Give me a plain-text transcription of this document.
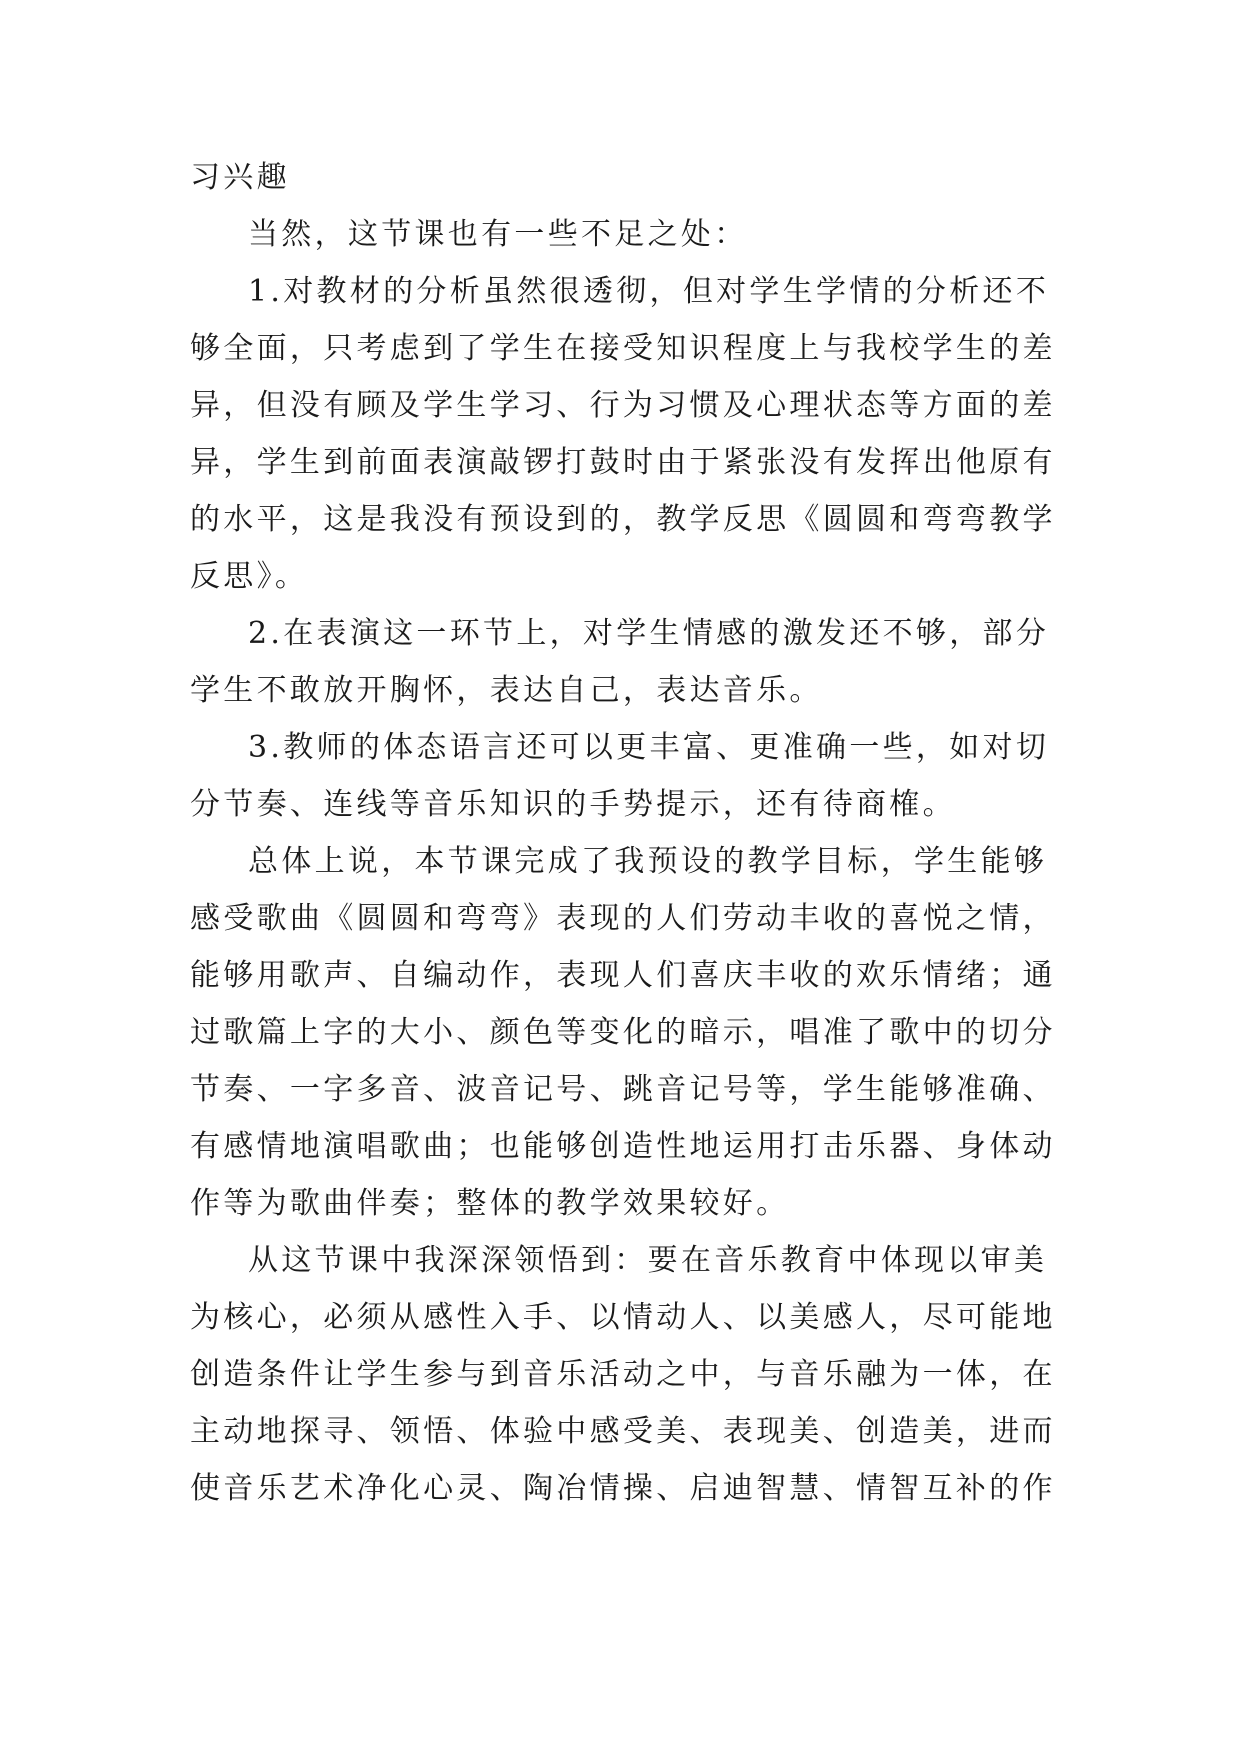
习兴趣
当然，这节课也有一些不足之处：
1.对教材的分析虽然很透彻，但对学生学情的分析还不
够全面，只考虑到了学生在接受知识程度上与我校学生的差
异，但没有顾及学生学习、行为习惯及心理状态等方面的差
异，学生到前面表演敲锣打鼓时由于紧张没有发挥出他原有
的水平，这是我没有预设到的，教学反思《圆圆和弯弯教学
反思》。
2.在表演这一环节上，对学生情感的激发还不够，部分
学生不敢放开胸怀，表达自己，表达音乐。
3.教师的体态语言还可以更丰富、更准确一些，如对切
分节奏、连线等音乐知识的手势提示，还有待商榷。
总体上说，本节课完成了我预设的教学目标，学生能够
感受歌曲《圆圆和弯弯》表现的人们劳动丰收的喜悦之情，
能够用歌声、自编动作，表现人们喜庆丰收的欢乐情绪；通
过歌篇上字的大小、颜色等变化的暗示，唱准了歌中的切分
节奏、一字多音、波音记号、跳音记号等，学生能够准确、
有感情地演唱歌曲；也能够创造性地运用打击乐器、身体动
作等为歌曲伴奏；整体的教学效果较好。
从这节课中我深深领悟到：要在音乐教育中体现以审美
为核心，必须从感性入手、以情动人、以美感人，尽可能地
创造条件让学生参与到音乐活动之中，与音乐融为一体，在
主动地探寻、领悟、体验中感受美、表现美、创造美，进而
使音乐艺术净化心灵、陶冶情操、启迪智慧、情智互补的作
